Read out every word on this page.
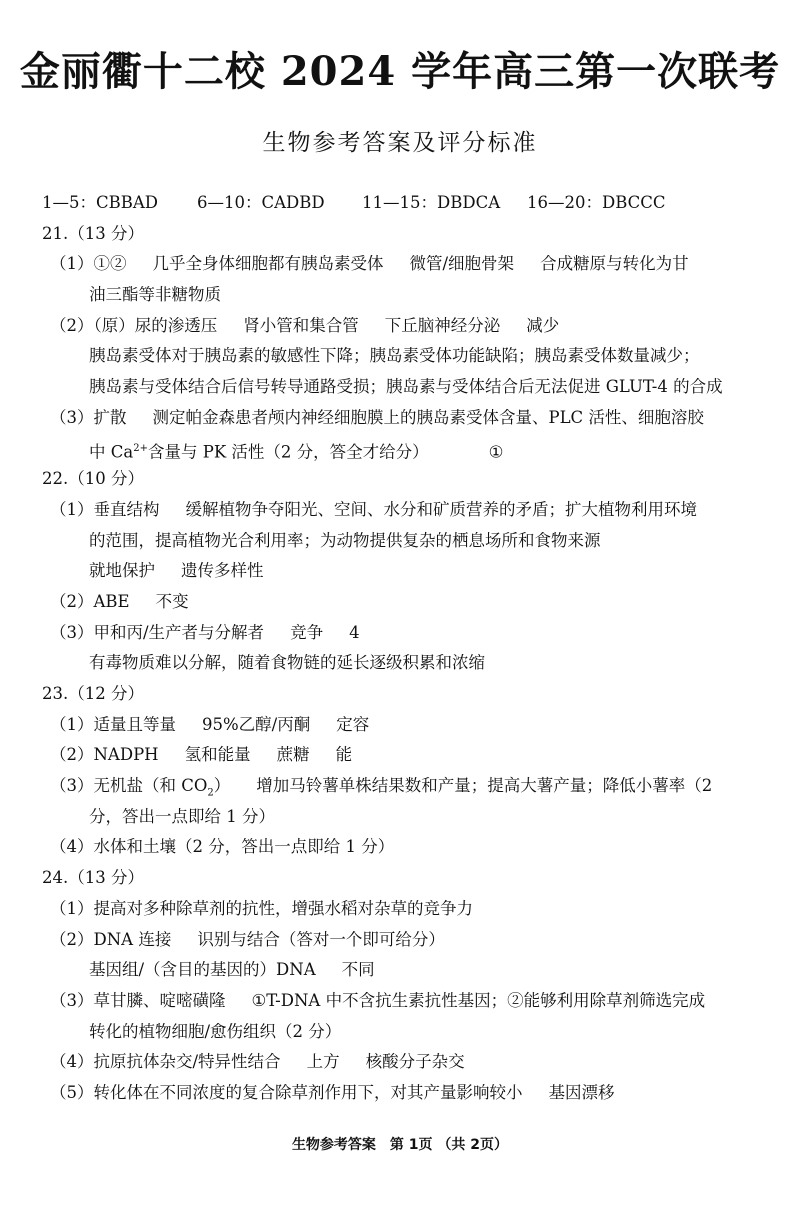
金丽衢十二校 2024 学年高三第一次联考
生物参考答案及评分标准
1—5：CBBAD 6—10：CADBD 11—15：DBDCA 16—20：DBCCC
21.（13 分）
（1）①② 几乎全身体细胞都有胰岛素受体 微管/细胞骨架 合成糖原与转化为甘
油三酯等非糖物质
（2）（原）尿的渗透压 肾小管和集合管 下丘脑神经分泌 减少
胰岛素受体对于胰岛素的敏感性下降；胰岛素受体功能缺陷；胰岛素受体数量减少；
胰岛素与受体结合后信号转导通路受损；胰岛素与受体结合后无法促进 GLUT-4 的合成
（3）扩散 测定帕金森患者颅内神经细胞膜上的胰岛素受体含量、PLC 活性、细胞溶胶
中 $Ca^{2+}$含量与 PK 活性（2 分，答全才给分）	①
22.（10 分）
（1）垂直结构 缓解植物争夺阳光、空间、水分和矿质营养的矛盾；扩大植物利用环境
的范围，提高植物光合利用率；为动物提供复杂的栖息场所和食物来源
就地保护 遗传多样性
（2）ABE 不变
（3）甲和丙/生产者与分解者 竞争 4
有毒物质难以分解，随着食物链的延长逐级积累和浓缩
23.（12 分）
（1）适量且等量 95%乙醇/丙酮 定容
（2）NADPH 氢和能量 蔗糖 能
（3）无机盐（和 $CO_2$） 增加马铃薯单株结果数和产量；提高大薯产量；降低小薯率（2
分，答出一点即给 1 分）
（4）水体和土壤（2 分，答出一点即给 1 分）
24.（13 分）
（1）提高对多种除草剂的抗性，增强水稻对杂草的竞争力
（2）DNA 连接 识别与结合（答对一个即可给分）
基因组/（含目的基因的）DNA 不同
（3）草甘膦、啶嘧磺隆 ①T-DNA 中不含抗生素抗性基因；②能够利用除草剂筛选完成
转化的植物细胞/愈伤组织（2 分）
（4）抗原抗体杂交/特异性结合 上方 核酸分子杂交
（5）转化体在不同浓度的复合除草剂作用下，对其产量影响较小 基因漂移
生物参考答案　第 1页 （共 2页）
